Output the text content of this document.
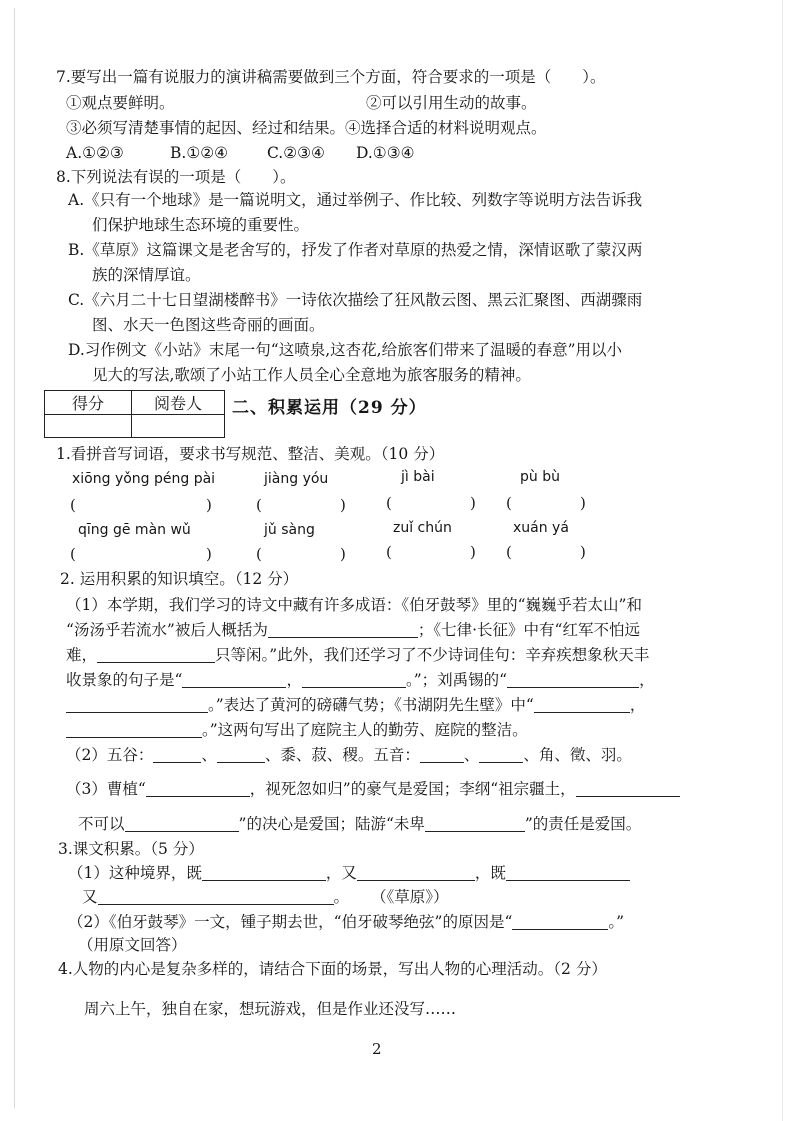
7.要写出一篇有说服力的演讲稿需要做到三个方面，符合要求的一项是（　　）。
①观点要鲜明。	②可以引用生动的故事。
③必须写清楚事情的起因、经过和结果。④选择合适的材料说明观点。
A.①②③	B.①②④	C.②③④ D.①③④
8.下列说法有误的一项是（　　）。
A.《只有一个地球》是一篇说明文，通过举例子、作比较、列数字等说明方法告诉我
们保护地球生态环境的重要性。
B.《草原》这篇课文是老舍写的，抒发了作者对草原的热爱之情，深情讴歌了蒙汉两
族的深情厚谊。
C.《六月二十七日望湖楼醉书》一诗依次描绘了狂风散云图、黑云汇聚图、西湖骤雨
图、水天一色图这些奇丽的画面。
D.习作例文《小站》末尾一句“这喷泉,这杏花,给旅客们带来了温暖的春意”用以小
见大的写法,歌颂了小站工作人员全心全意地为旅客服务的精神。
得分	阅卷人
	二、积累运用（29 分）
1.看拼音写词语，要求书写规范、整洁、美观。（10 分）
xiōng yǒng péng pài	jiàng yóu	jì bài	pù bù
(	)	(	)	(	) (	)
qīng gē màn wǔ	jǔ sàng	zuǐ chún	xuán yá
(	)	(	)	(	) (	)
2. 运用积累的知识填空。（12 分）
（1）本学期，我们学习的诗文中藏有许多成语：《伯牙鼓琴》里的“巍巍乎若太山”和
“汤汤乎若流水”被后人概括为	；《七律·长征》中有“红军不怕远
难，	只等闲。”此外，我们还学习了不少诗词佳句：辛弃疾想象秋天丰
收景象的句子是“	，	。”；刘禹锡的“	，
。”表达了黄河的磅礴气势；《书湖阴先生壁》中“	，
。”这两句写出了庭院主人的勤劳、庭院的整洁。
（2）五谷：	、	、黍、菽、稷。五音：	、	、角、徵、羽。
（3）曹植“	，视死忽如归”的豪气是爱国；李纲“祖宗疆土，
不可以	”的决心是爱国；陆游“未卑	”的责任是爱国。
3.课文积累。（5 分）
（1）这种境界，既	，又	，既
又	。 （《草原》）
（2）《伯牙鼓琴》一文，锺子期去世，“伯牙破琴绝弦”的原因是“	。”
（用原文回答）
4.人物的内心是复杂多样的，请结合下面的场景，写出人物的心理活动。（2 分）
周六上午，独自在家，想玩游戏，但是作业还没写……
2
